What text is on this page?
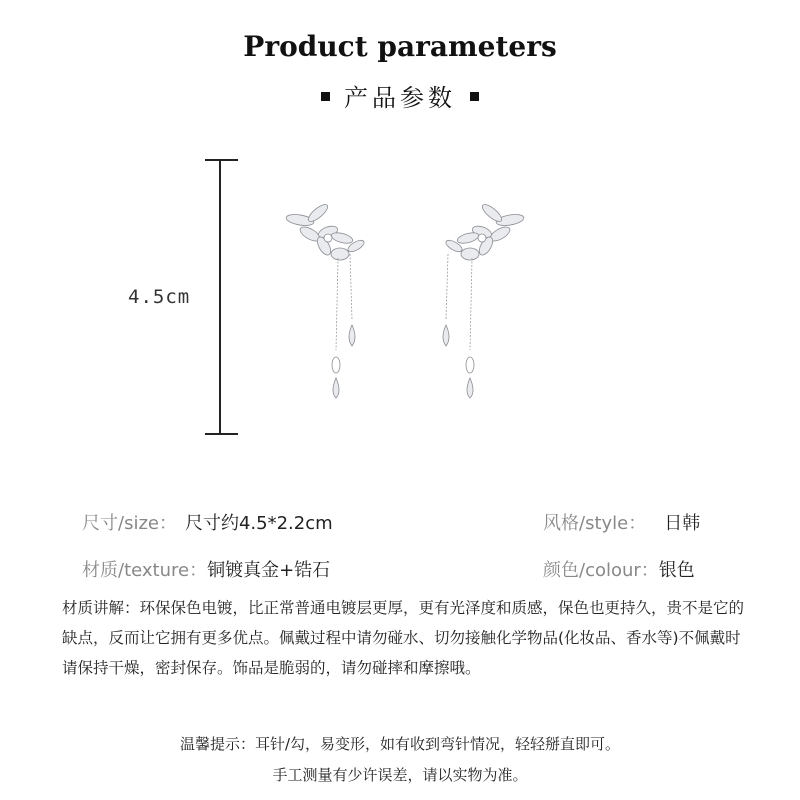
Product parameters
产品参数
4.5cm
尺寸/size： 尺寸约4.5*2.2cm	风格/style： 日韩
材质/texture：铜镀真金+锆石	颜色/colour：银色
材质讲解：环保保色电镀，比正常普通电镀层更厚，更有光泽度和质感，保色也更持久，贵不是它的缺点，反而让它拥有更多优点。佩戴过程中请勿碰水、切勿接触化学物品(化妆品、香水等)不佩戴时请保持干燥，密封保存。饰品是脆弱的，请勿碰摔和摩擦哦。
温馨提示：耳针/勾，易变形，如有收到弯针情况，轻轻掰直即可。
手工测量有少许误差，请以实物为准。
